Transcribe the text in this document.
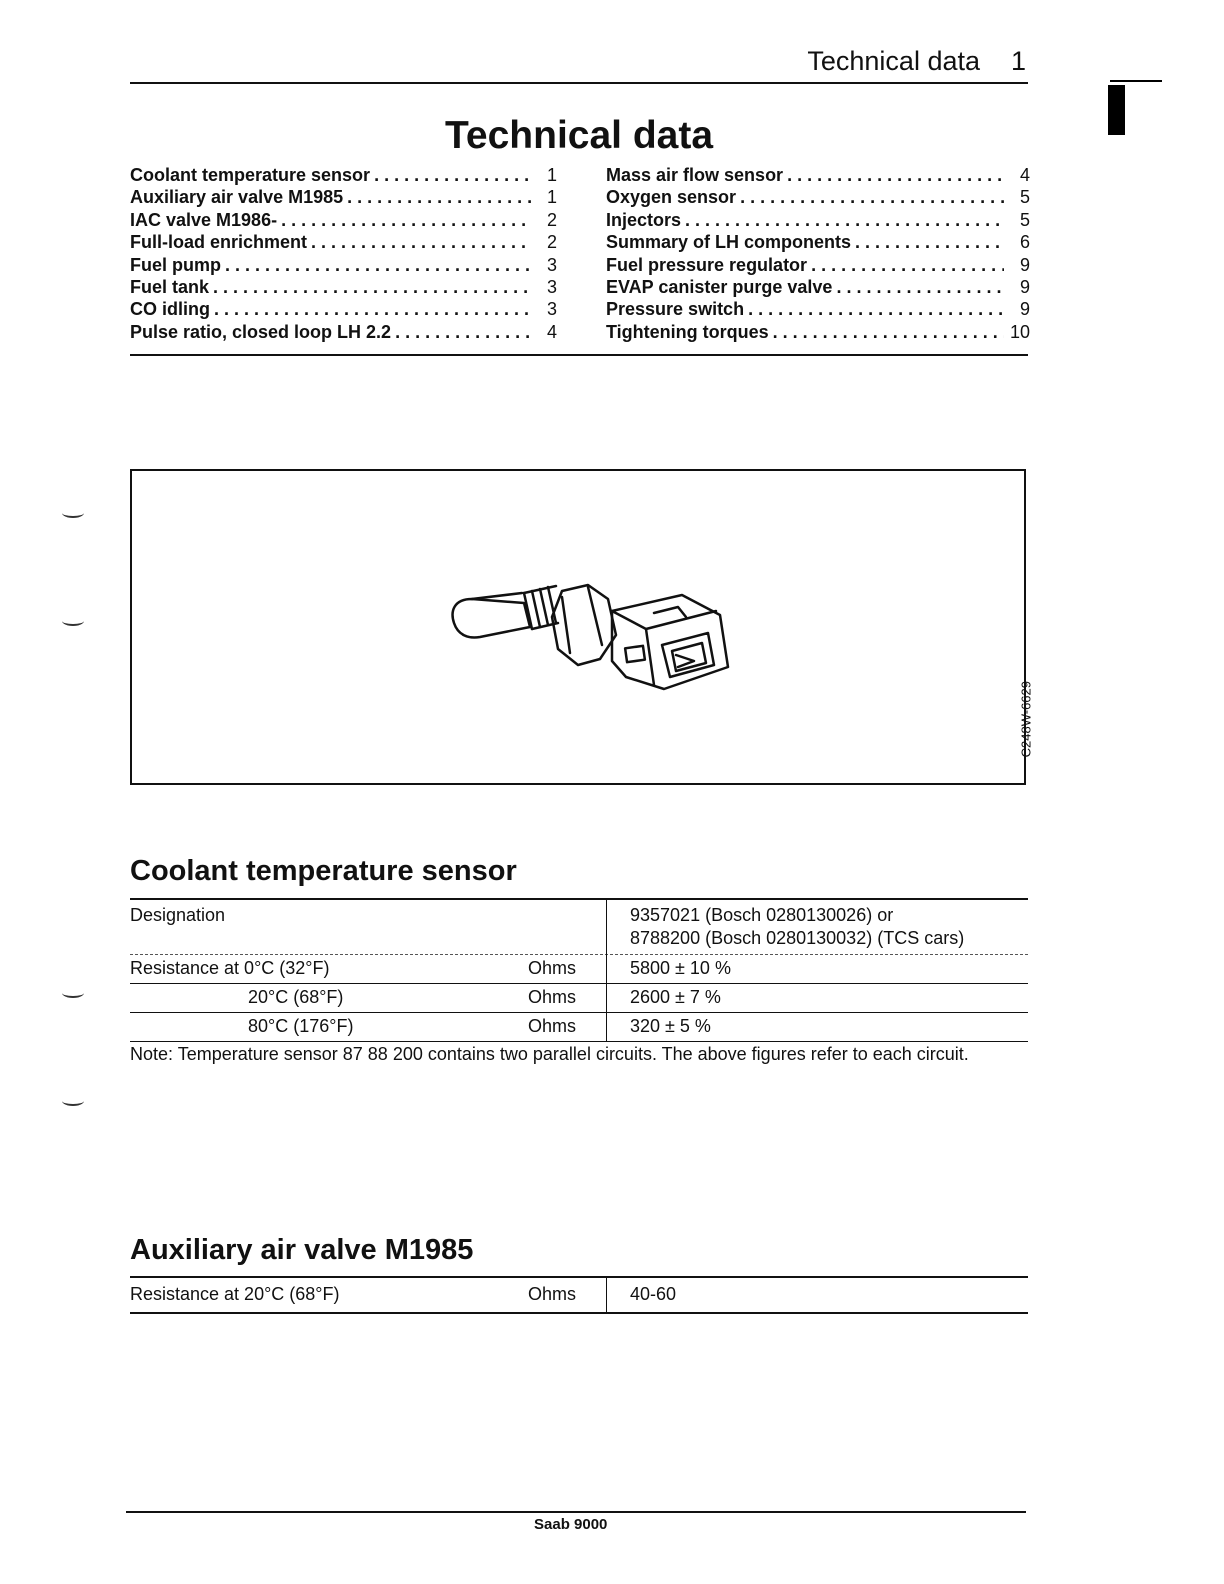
Technical data 1
Technical data
Coolant temperature sensor . . .	1
Auxiliary air valve M1985 . . .	1
IAC valve M1986- . . .	2
Full-load enrichment . . .	2
Fuel pump . . .	3
Fuel tank . . .	3
CO idling . . .	3
Pulse ratio, closed loop LH 2.2 . . .	4
Mass air flow sensor . . .	4
Oxygen sensor . . .	5
Injectors . . .	5
Summary of LH components . . .	6
Fuel pressure regulator . . .	9
EVAP canister purge valve . . .	9
Pressure switch . . .	9
Tightening torques . . .	10
C248W-6629
Coolant temperature sensor
Designation	9357021 (Bosch 0280130026) or
8788200 (Bosch 0280130032) (TCS cars)
Resistance at 0°C (32°F)	Ohms	5800 ± 10 %
20°C (68°F)	Ohms	2600 ± 7 %
80°C (176°F)	Ohms	320 ± 5 %
Note: Temperature sensor 87 88 200 contains two parallel circuits. The above figures refer to each circuit.
Auxiliary air valve M1985
Resistance at 20°C (68°F)	Ohms	40-60
Saab 9000
